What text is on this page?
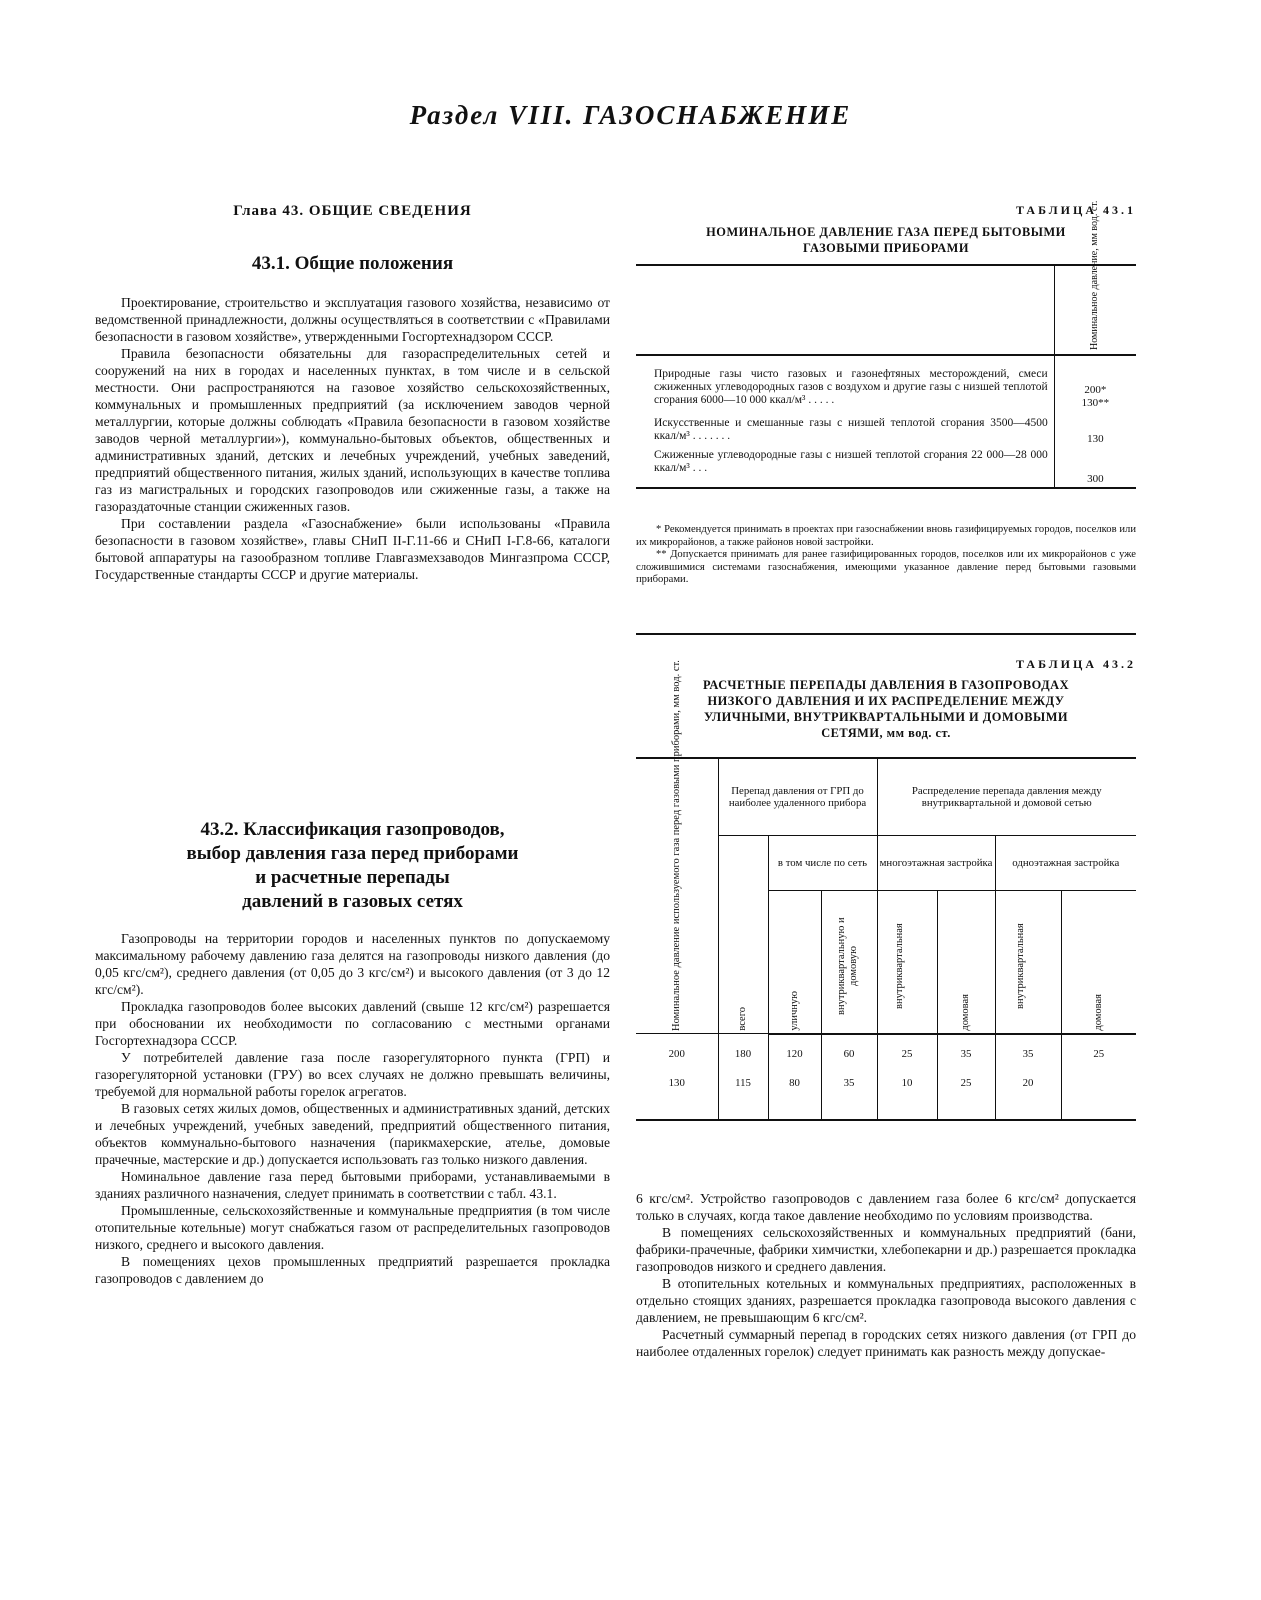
Раздел VIII. ГАЗОСНАБЖЕНИЕ
Глава 43. ОБЩИЕ СВЕДЕНИЯ
43.1. Общие положения

Проектирование, строительство и эксплуатация газового хозяйства, независимо от ведомственной принадлежности, должны осуществляться в соответствии с «Правилами безопасности в газовом хозяйстве», утвержденными Госгортехнадзором СССР.

Правила безопасности обязательны для газораспределительных сетей и сооружений на них в городах и населенных пунктах, в том числе и в сельской местности. Они распространяются на газовое хозяйство сельскохозяйственных, коммунальных и промышленных предприятий (за исключением заводов черной металлургии, которые должны соблюдать «Правила безопасности в газовом хозяйстве заводов черной металлургии»), коммунально-бытовых объектов, общественных и административных зданий, детских и лечебных учреждений, учебных заведений, предприятий общественного питания, жилых зданий, использующих в качестве топлива газ из магистральных и городских газопроводов или сжиженные газы, а также на газораздаточные станции сжиженных газов.

При составлении раздела «Газоснабжение» были использованы «Правила безопасности в газовом хозяйстве», главы СНиП II-Г.11-66 и СНиП I-Г.8-66, каталоги бытовой аппаратуры на газообразном топливе Главгазмехзаводов Мингазпрома СССР, Государственные стандарты СССР и другие материалы.

43.2. Классификация газопроводов,
выбор давления газа перед приборами
и расчетные перепады
давлений в газовых сетях

Газопроводы на территории городов и населенных пунктов по допускаемому максимальному рабочему давлению газа делятся на газопроводы низкого давления (до 0,05 кгс/см²), среднего давления (от 0,05 до 3 кгс/см²) и высокого давления (от 3 до 12 кгс/см²).

Прокладка газопроводов более высоких давлений (свыше 12 кгс/см²) разрешается при обосновании их необходимости по согласованию с местными органами Госгортехнадзора СССР.

У потребителей давление газа после газорегуляторного пункта (ГРП) и газорегуляторной установки (ГРУ) во всех случаях не должно превышать величины, требуемой для нормальной работы горелок агрегатов.

В газовых сетях жилых домов, общественных и административных зданий, детских и лечебных учреждений, учебных заведений, предприятий общественного питания, объектов коммунально-бытового назначения (парикмахерские, ателье, домовые прачечные, мастерские и др.) допускается использовать газ только низкого давления.

Номинальное давление газа перед бытовыми приборами, устанавливаемыми в зданиях различного назначения, следует принимать в соответствии с табл. 43.1.

Промышленные, сельскохозяйственные и коммунальные предприятия (в том числе отопительные котельные) могут снабжаться газом от распределительных газопроводов низкого, среднего и высокого давления.

В помещениях цехов промышленных предприятий разрешается прокладка газопроводов с давлением до

ТАБЛИЦА 43.1
НОМИНАЛЬНОЕ ДАВЛЕНИЕ ГАЗА ПЕРЕД БЫТОВЫМИ
ГАЗОВЫМИ ПРИБОРАМИ

	Номинальное давление, мм вод. ст.

Природные газы чисто газовых и газонефтяных месторождений, смеси сжиженных углеводородных газов с воздухом и другие газы с низшей теплотой сгорания 6000—10 000 ккал/м³ . . . . .	200*
130**
Искусственные и смешанные газы с низшей теплотой сгорания 3500—4500 ккал/м³ . . . . . . .	130
Сжиженные углеводородные газы с низшей теплотой сгорания 22 000—28 000 ккал/м³ . . .	300
* Рекомендуется принимать в проектах при газоснабжении вновь газифицируемых городов, поселков или их микрорайонов, а также районов новой застройки.
** Допускается принимать для ранее газифицированных городов, поселков или их микрорайонов с уже сложившимися системами газоснабжения, имеющими указанное давление перед бытовыми газовыми приборами.
ТАБЛИЦА 43.2
РАСЧЕТНЫЕ ПЕРЕПАДЫ ДАВЛЕНИЯ В ГАЗОПРОВОДАХ
НИЗКОГО ДАВЛЕНИЯ И ИХ РАСПРЕДЕЛЕНИЕ МЕЖДУ
УЛИЧНЫМИ, ВНУТРИКВАРТАЛЬНЫМИ И ДОМОВЫМИ
СЕТЯМИ, мм вод. ст.
Номинальное давление используемого газа перед газовыми приборами, мм вод. ст.	Перепад давления от ГРП до наиболее удаленного прибора			Распределение перепада давления между внутриквартальной и домовой сетью			

	всего	в том числе по сеть		многоэтажная застройка		одноэтажная застройка	

		уличную	внутриквартальную и домовую	внутриквартальная	домовая	внутриквартальная	домовая

200	180	120	60	25	35	35	25
130	115	80	35	10	25	20	

6 кгс/см². Устройство газопроводов с давлением газа более 6 кгс/см² допускается только в случаях, когда такое давление необходимо по условиям производства.

В помещениях сельскохозяйственных и коммунальных предприятий (бани, фабрики-прачечные, фабрики химчистки, хлебопекарни и др.) разрешается прокладка газопроводов низкого и среднего давления.

В отопительных котельных и коммунальных предприятиях, расположенных в отдельно стоящих зданиях, разрешается прокладка газопровода высокого давления с давлением, не превышающим 6 кгс/см².

Расчетный суммарный перепад в городских сетях низкого давления (от ГРП до наиболее отдаленных горелок) следует принимать как разность между допускае-
